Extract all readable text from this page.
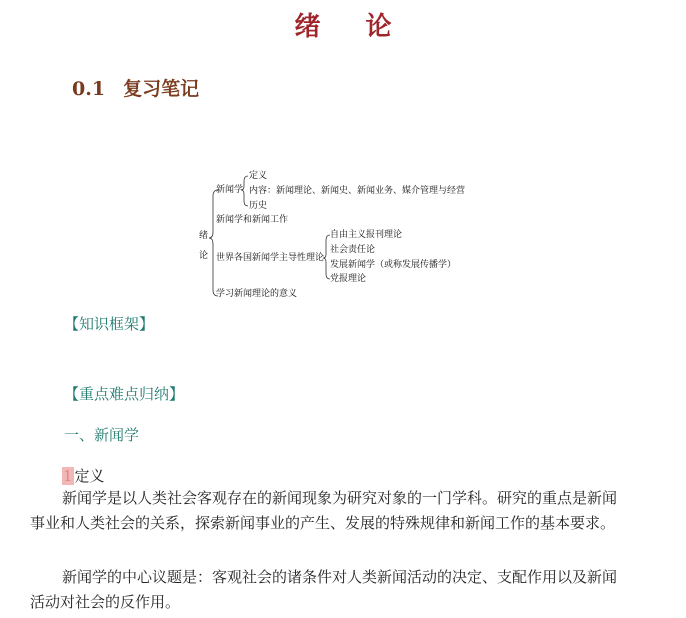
绪 论
0.1 复习笔记
绪论
新闻学
定义
内容：新闻理论、新闻史、新闻业务、媒介管理与经营
历史
新闻学和新闻工作
世界各国新闻学主导性理论
自由主义报刊理论
社会责任论
发展新闻学（或称发展传播学）
党报理论
学习新闻理论的意义
【知识框架】
【重点难点归纳】
一、新闻学
1 定义
新闻学是以人类社会客观存在的新闻现象为研究对象的一门学科。研究的重点是新闻事业和人类社会的关系，探索新闻事业的产生、发展的特殊规律和新闻工作的基本要求。
新闻学的中心议题是：客观社会的诸条件对人类新闻活动的决定、支配作用以及新闻活动对社会的反作用。
